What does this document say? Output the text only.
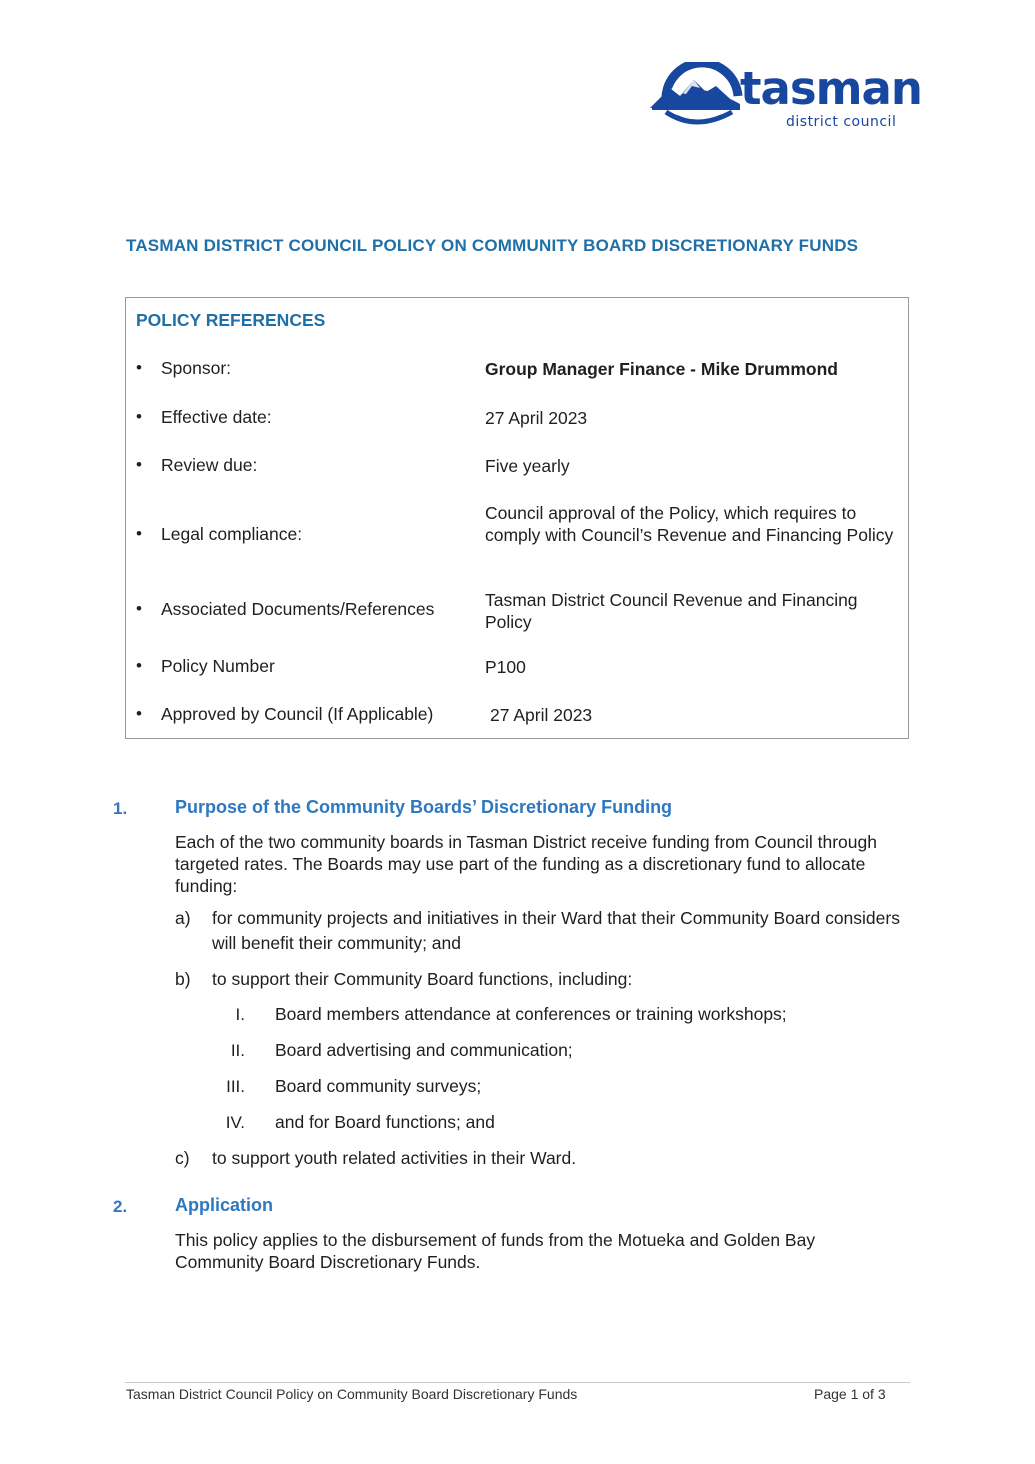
tasman
district council
TASMAN DISTRICT COUNCIL POLICY ON COMMUNITY BOARD DISCRETIONARY FUNDS
POLICY REFERENCES
• Sponsor:	Group Manager Finance - Mike Drummond
• Effective date:	27 April 2023
• Review due:	Five yearly
• Legal compliance:
Council approval of the Policy, which requires to comply with Council’s Revenue and Financing Policy
• Associated Documents/References	Tasman District Council Revenue and Financing Policy
• Policy Number	P100
• Approved by Council (If Applicable)	27 April 2023
1.	Purpose of the Community Boards’ Discretionary Funding
Each of the two community boards in Tasman District receive funding from Council through targeted rates. The Boards may use part of the funding as a discretionary fund to allocate funding:
a) for community projects and initiatives in their Ward that their Community Board considers will benefit their community; and
b) to support their Community Board functions, including:
I. Board members attendance at conferences or training workshops;
II. Board advertising and communication;
III. Board community surveys;
IV. and for Board functions; and
c) to support youth related activities in their Ward.
2.	Application
This policy applies to the disbursement of funds from the Motueka and Golden Bay Community Board Discretionary Funds.
Tasman District Council Policy on Community Board Discretionary Funds	Page 1 of 3
